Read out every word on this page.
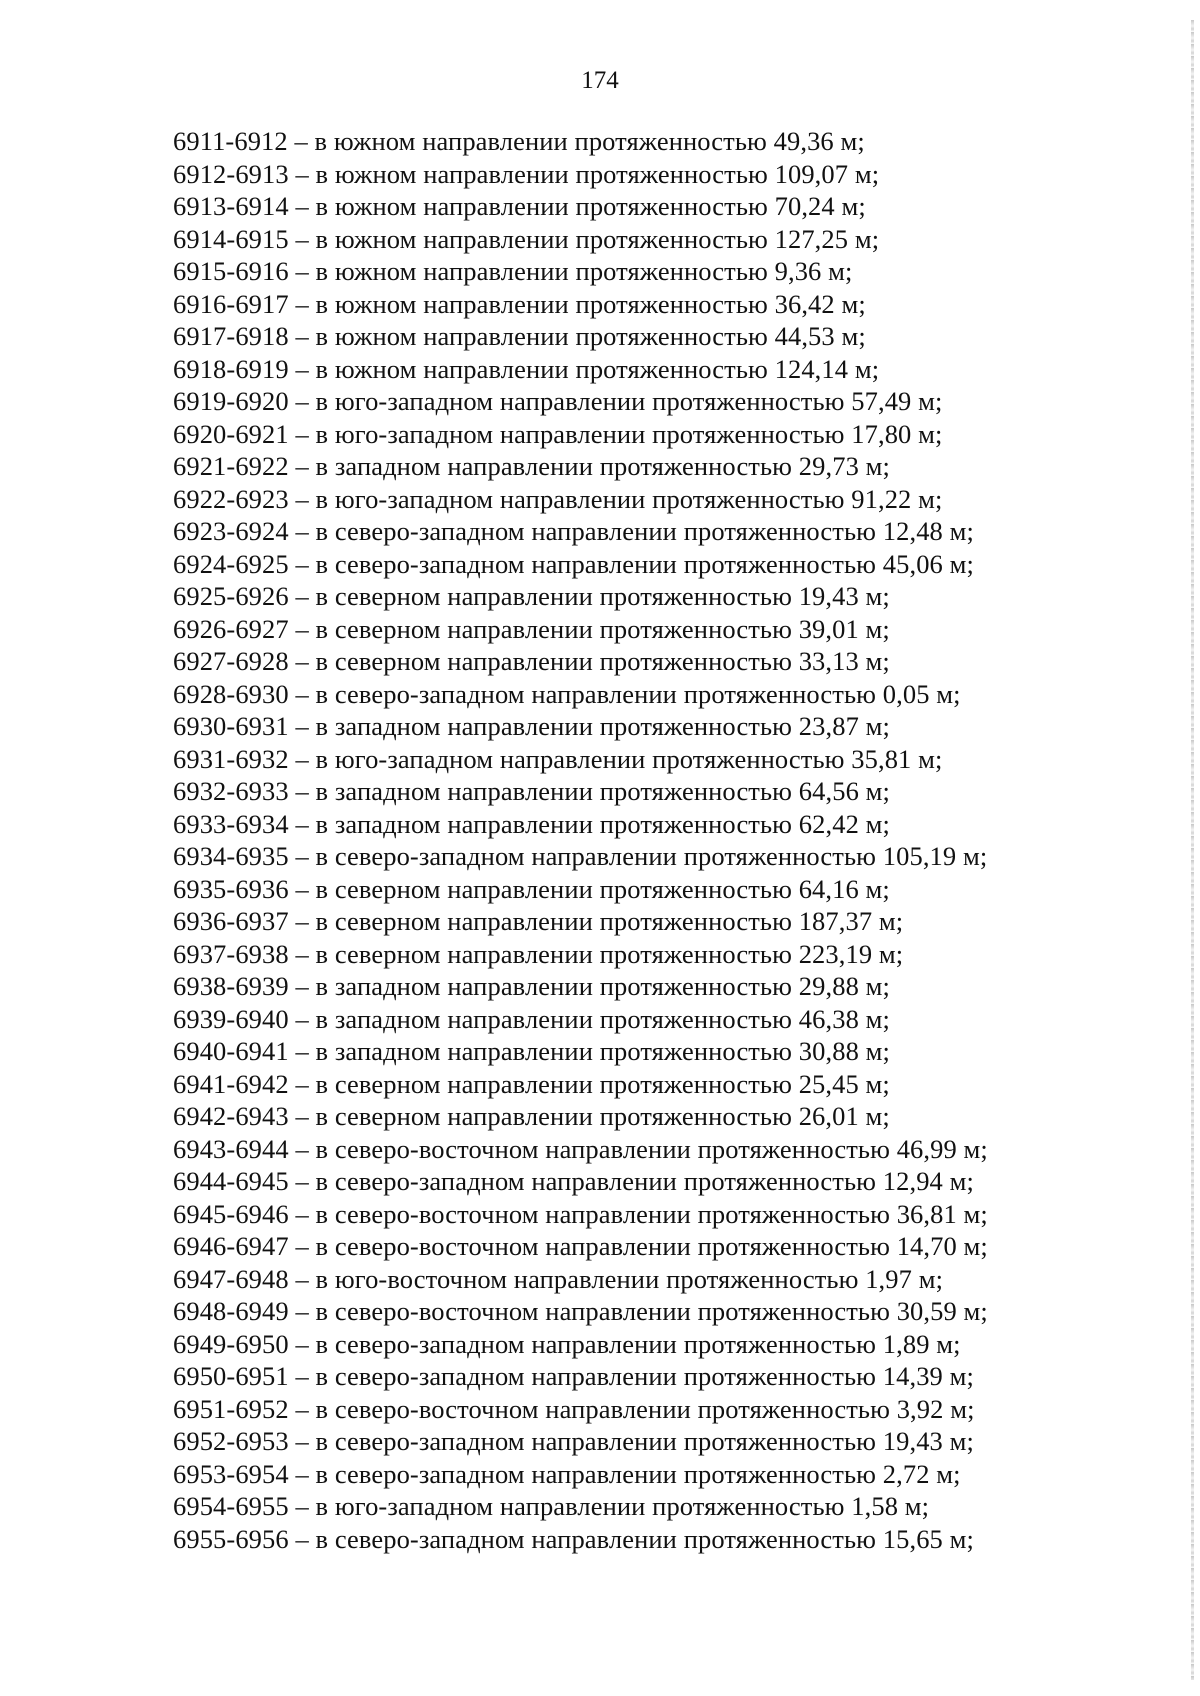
174
6911-6912 – в южном направлении протяженностью 49,36 м;
6912-6913 – в южном направлении протяженностью 109,07 м;
6913-6914 – в южном направлении протяженностью 70,24 м;
6914-6915 – в южном направлении протяженностью 127,25 м;
6915-6916 – в южном направлении протяженностью 9,36 м;
6916-6917 – в южном направлении протяженностью 36,42 м;
6917-6918 – в южном направлении протяженностью 44,53 м;
6918-6919 – в южном направлении протяженностью 124,14 м;
6919-6920 – в юго-западном направлении протяженностью 57,49 м;
6920-6921 – в юго-западном направлении протяженностью 17,80 м;
6921-6922 – в западном направлении протяженностью 29,73 м;
6922-6923 – в юго-западном направлении протяженностью 91,22 м;
6923-6924 – в северо-западном направлении протяженностью 12,48 м;
6924-6925 – в северо-западном направлении протяженностью 45,06 м;
6925-6926 – в северном направлении протяженностью 19,43 м;
6926-6927 – в северном направлении протяженностью 39,01 м;
6927-6928 – в северном направлении протяженностью 33,13 м;
6928-6930 – в северо-западном направлении протяженностью 0,05 м;
6930-6931 – в западном направлении протяженностью 23,87 м;
6931-6932 – в юго-западном направлении протяженностью 35,81 м;
6932-6933 – в западном направлении протяженностью 64,56 м;
6933-6934 – в западном направлении протяженностью 62,42 м;
6934-6935 – в северо-западном направлении протяженностью 105,19 м;
6935-6936 – в северном направлении протяженностью 64,16 м;
6936-6937 – в северном направлении протяженностью 187,37 м;
6937-6938 – в северном направлении протяженностью 223,19 м;
6938-6939 – в западном направлении протяженностью 29,88 м;
6939-6940 – в западном направлении протяженностью 46,38 м;
6940-6941 – в западном направлении протяженностью 30,88 м;
6941-6942 – в северном направлении протяженностью 25,45 м;
6942-6943 – в северном направлении протяженностью 26,01 м;
6943-6944 – в северо-восточном направлении протяженностью 46,99 м;
6944-6945 – в северо-западном направлении протяженностью 12,94 м;
6945-6946 – в северо-восточном направлении протяженностью 36,81 м;
6946-6947 – в северо-восточном направлении протяженностью 14,70 м;
6947-6948 – в юго-восточном направлении протяженностью 1,97 м;
6948-6949 – в северо-восточном направлении протяженностью 30,59 м;
6949-6950 – в северо-западном направлении протяженностью 1,89 м;
6950-6951 – в северо-западном направлении протяженностью 14,39 м;
6951-6952 – в северо-восточном направлении протяженностью 3,92 м;
6952-6953 – в северо-западном направлении протяженностью 19,43 м;
6953-6954 – в северо-западном направлении протяженностью 2,72 м;
6954-6955 – в юго-западном направлении протяженностью 1,58 м;
6955-6956 – в северо-западном направлении протяженностью 15,65 м;
